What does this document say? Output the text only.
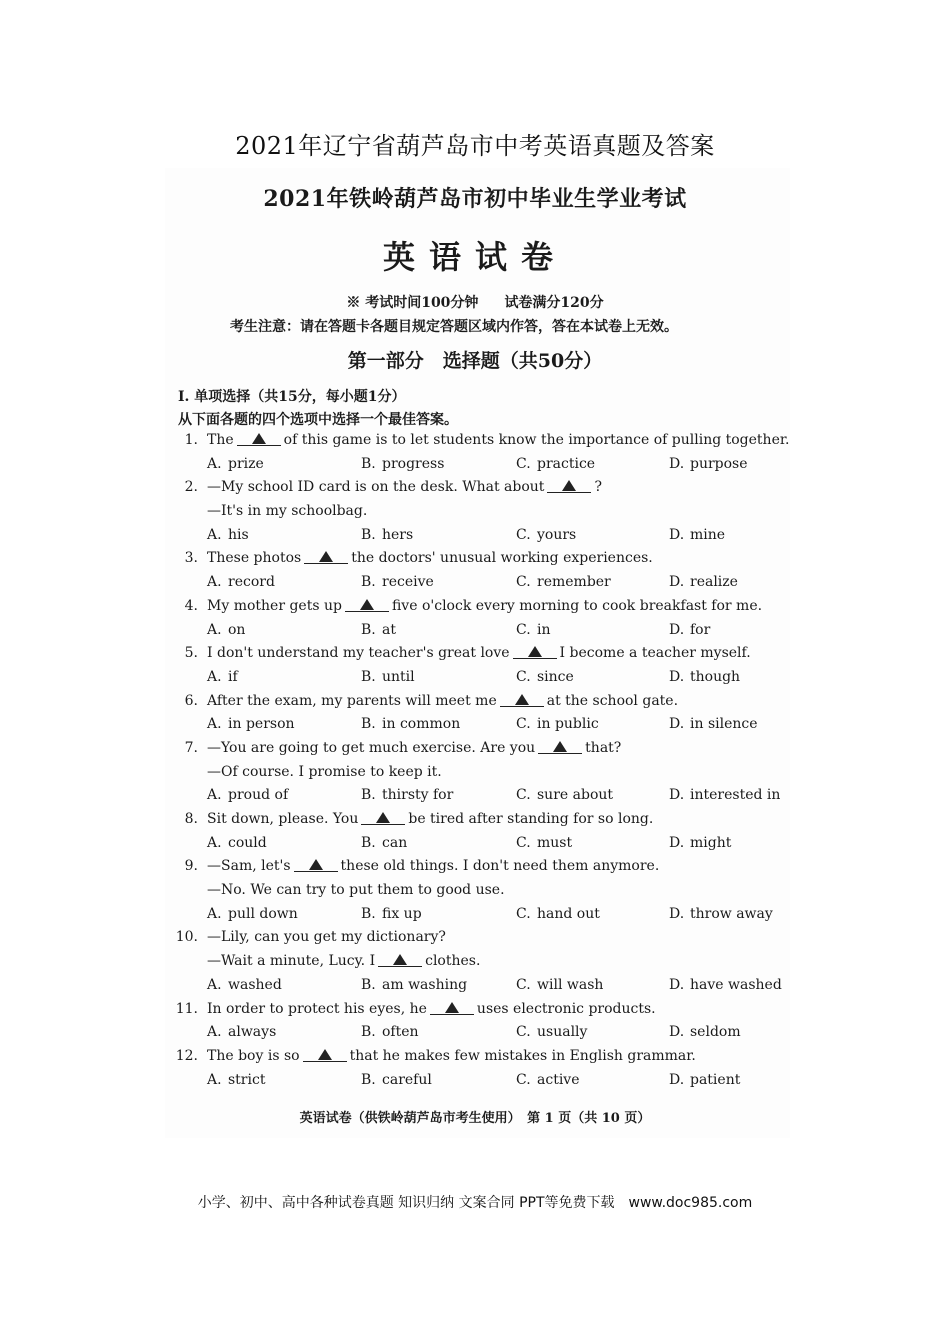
2021年辽宁省葫芦岛市中考英语真题及答案
2021年铁岭葫芦岛市初中毕业生学业考试
英语试卷
※ 考试时间100分钟 试卷满分120分
考生注意：请在答题卡各题目规定答题区域内作答，答在本试卷上无效。
第一部分　选择题（共50分）
Ⅰ. 单项选择（共15分，每小题1分）
从下面各题的四个选项中选择一个最佳答案。
1. The	of this game is to let students know the importance of pulling together.
A. prize	B. progress	C. practice	D. purpose
2. —My school ID card is on the desk. What about	?
—It's in my schoolbag.
A. his	B. hers	C. yours	D. mine
3. These photos	the doctors' unusual working experiences.
A. record	B. receive	C. remember	D. realize
4. My mother gets up	five o'clock every morning to cook breakfast for me.
A. on	B. at	C. in	D. for
5. I don't understand my teacher's great love	I become a teacher myself.
A. if	B. until	C. since	D. though
6. After the exam, my parents will meet me	at the school gate.
A. in person	B. in common	C. in public	D. in silence
7. —You are going to get much exercise. Are you	that?
—Of course. I promise to keep it.
A. proud of	B. thirsty for	C. sure about	D. interested in
8. Sit down, please. You	be tired after standing for so long.
A. could	B. can	C. must	D. might
9. —Sam, let's	these old things. I don't need them anymore.
—No. We can try to put them to good use.
A. pull down	B. fix up	C. hand out	D. throw away
10. —Lily, can you get my dictionary?
—Wait a minute, Lucy. I	clothes.
A. washed	B. am washing	C. will wash	D. have washed
11. In order to protect his eyes, he	uses electronic products.
A. always	B. often	C. usually	D. seldom
12. The boy is so	that he makes few mistakes in English grammar.
A. strict	B. careful	C. active	D. patient
英语试卷（供铁岭葫芦岛市考生使用）　第 1 页（共 10 页）
小学、初中、高中各种试卷真题 知识归纳 文案合同 PPT等免费下载　www.doc985.com
